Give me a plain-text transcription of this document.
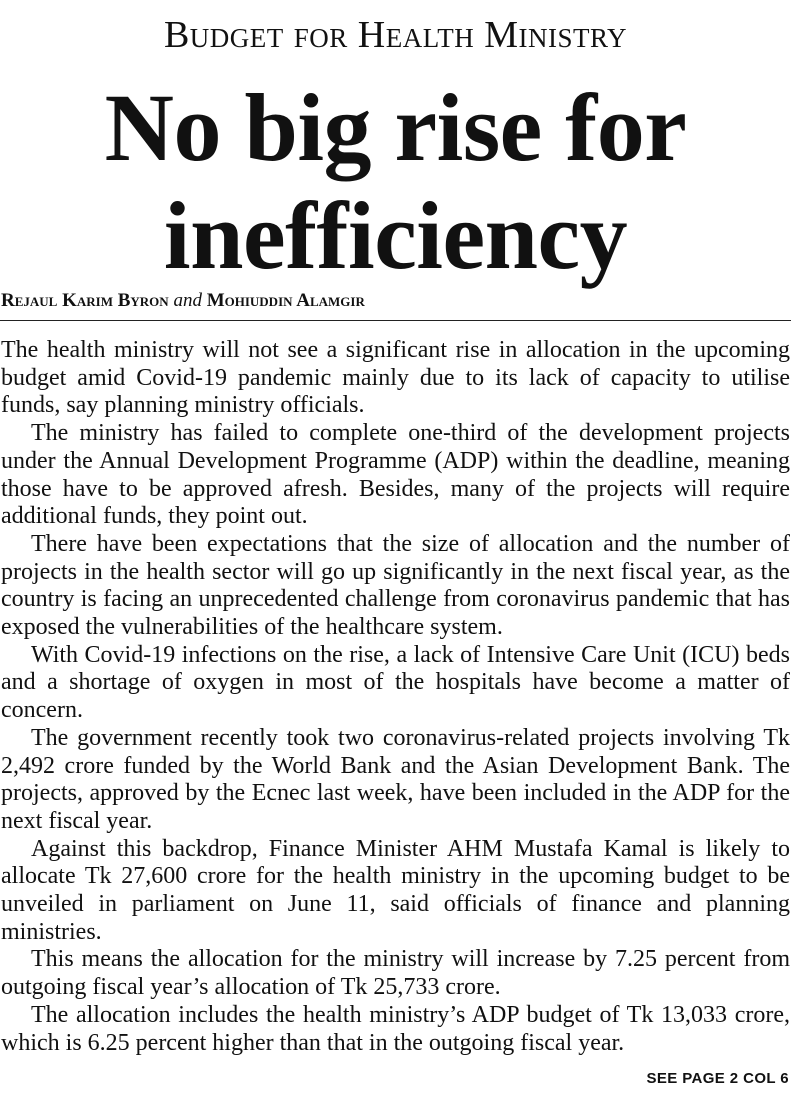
Budget for Health Ministry
No big rise for inefficiency
Rejaul Karim Byron and Mohiuddin Alamgir

The health ministry will not see a significant rise in allocation in the upcoming budget amid Covid-19 pandemic mainly due to its lack of capacity to utilise funds, say planning ministry officials.

The ministry has failed to complete one-third of the development projects under the Annual Development Programme (ADP) within the deadline, meaning those have to be approved afresh. Besides, many of the projects will require additional funds, they point out.

There have been expectations that the size of allocation and the number of projects in the health sector will go up significantly in the next fiscal year, as the country is facing an unprecedented challenge from coronavirus pandemic that has exposed the vulnerabilities of the healthcare system.

With Covid-19 infections on the rise, a lack of Intensive Care Unit (ICU) beds and a shortage of oxygen in most of the hospitals have become a matter of concern.

The government recently took two coronavirus-related projects involving Tk 2,492 crore funded by the World Bank and the Asian Development Bank. The projects, approved by the Ecnec last week, have been included in the ADP for the next fiscal year.

Against this backdrop, Finance Minister AHM Mustafa Kamal is likely to allocate Tk 27,600 crore for the health ministry in the upcoming budget to be unveiled in parliament on June 11, said officials of finance and planning ministries.

This means the allocation for the ministry will increase by 7.25 percent from outgoing fiscal year’s allocation of Tk 25,733 crore.

The allocation includes the health ministry’s ADP budget of Tk 13,033 crore, which is 6.25 percent higher than that in the outgoing fiscal year.

SEE PAGE 2 COL 6
